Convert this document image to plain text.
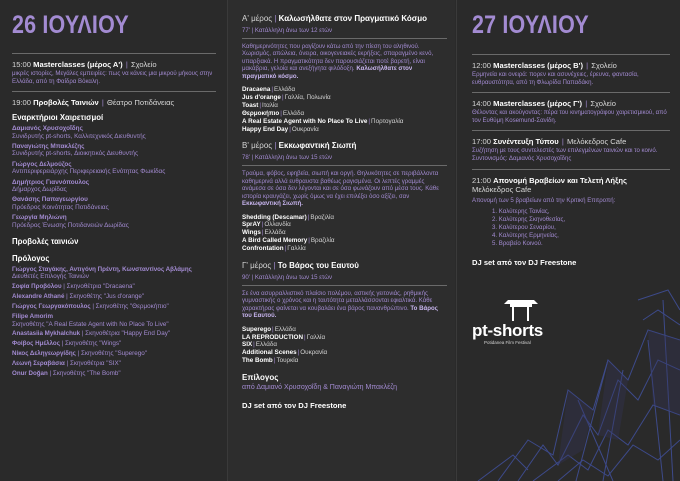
26 ΙΟΥΛΙΟΥ
15:00 Masterclasses (μέρος Α') | Σχολείο
μικρές ιστορίες, Μεγάλες εμπειρίες: πως να κάνεις μια μικρού μήκους στην Ελλάδα, από τη Φαίδρα Βόκαλη.
19:00 Προβολές Ταινιών | Θέατρο Ποτιδάνειας
Εναρκτήριοι Χαιρετισμοί
Δαμιανός Χρυσοχοΐδης
Συνιδρυτής pt-shorts, Καλλιτεχνικός Διευθυντής
Παναγιώτης Μπακλέζης
Συνιδρυτής pt-shorts, Διοικητικός Διευθυντής
Γιώργος Δελμούζος
Αντιπεριφερειάρχης Περιφερειακής Ενότητας Φωκίδας
Δημήτριος Γιαννόπουλος
Δήμαρχος Δωρίδας
Θανάσης Παπαγεωργίου
Πρόεδρος Κοινότητας Ποτιδάνειας
Γεωργία Μηλιώνη
Πρόεδρος Ένωσης Ποτιδανειών Δωρίδας
Προβολές ταινιών
Πρόλογος
Γιώργος Σταγάκης, Αντιγόνη Πρέντη, Κωνσταντίνος Αβλάμης
Διευθετές Επιλογής Ταινιών
Σοφία Προβόλου | Σκηνοθέτρια "Dracaena"
Alexandre Athané | Σκηνοθέτης "Jus d'orange"
Γιώργος Γεωργακόπουλος | Σκηνοθέτης "Θερμοκήπιο"
Filipe Amorim
Σκηνοθέτης "A Real Estate Agent with No Place To Live"
Anastasiia Mykhalchuk | Σκηνοθέτρια "Happy End Day"
Φοίβος Ημέλλος | Σκηνοθέτης "Wings"
Νίκος Δεληγεωργίδης | Σκηνοθέτης "Superego"
Λεωνή Σεραβάσια | Σκηνοθέτρια "SIX"
Onur Doğan | Σκηνοθέτης "The Bomb"
Α' μέρος | Καλωσήλθατε στον Πραγματικό Κόσμο
77' | Κατάλληλη άνω των 12 ετών
Καθημερινότητες που ραγίζουν κάτω από την πίεση του αληθινού. Χωρισμός, απώλεια, όνειρα, οικογενειακές εκρήξεις, σπαραγμένο κενό, υπαρξιακά. Η πραγματικότητα δεν παρουσιάζεται ποτέ βαρετή, είναι μακάβρια, γελοία και ανεξήγητα φιλόδοξη. Καλωσήλθατε στον πραγματικό κόσμο.
Dracaena|Ελλάδα
Jus d'orange|Γαλλία, Πολωνία
Toast|Ιταλία
Θερμοκήπιο|Ελλάδα
A Real Estate Agent with No Place To Live|Πορτογαλία
Happy End Day|Ουκρανία
Β' μέρος | Εκκωφαντική Σιωπή
78' | Κατάλληλη άνω των 15 ετών
Τραύμα, φόβος, εφηβεία, σιωπή και οργή. Θηλυκότητες σε περιβάλλοντα καθημερινά αλλά ευθραυστα βαθέως ραγισμένα. Οι λεπτές γραμμές ανάμεσα σε όσα δεν λέγονται και σε όσα φωνάζουν από μέσα τους. Κάθε ιστορία κραυγάζει, χωρίς όμως να έχει επιλέξει όσο αξίζει, σαν Εκκωφαντική Σιωπή.
Shedding (Descamar)|Βραζιλία
SprAY|Ολλανδία
Wings|Ελλάδα
A Bird Called Memory|Βραζιλία
Confrontation|Γαλλία
Γ' μέρος | Το Βάρος του Εαυτού
90' | Κατάλληλη άνω των 15 ετών
Σε ένα ασυρραλλιστικό πλαίσιο πολέμου, αστικής γειτονιάς, ρηθμικής γυμναστικής ο χρόνος και η ταυτότητα μεταλλάσσονται εφιαλτικά. Κάθε χαρακτήρας φαίνεται να κουβαλάει ένα βάρος πανανθρώπινο. Το Βάρος του Εαυτού.
Superego|Ελλάδα
LA REPRODUCTION|Γαλλία
SIX|Ελλάδα
Additional Scenes|Ουκρανία
The Bomb|Τουρκία
Επίλογος
από Δαμιανό Χρυσοχοΐδη & Παναγιώτη Μπακλέζη
DJ set από τον DJ Freestone
27 ΙΟΥΛΙΟΥ
12:00 Masterclasses (μέρος Β') | Σχολείο
Ερμηνεία και ονειρά: πορεν και ασυνέχειες, έρευνα, φαντασία, ευθραυστότητα, από τη Φλωρίδα Παπαδάκη.
14:00 Masterclasses (μέρος Γ') | Σχολείο
Θέλοντας και ακούγοντας: πέρα του κινηματογράφου χαιρετισμικού, από τον Ευθύμη Kosemund-Σανίδη.
17:00 Συνέντευξη Τύπου | Μελόκεδρος Cafe
Συζήτηση με τους συντελεστές των επιλεγμένων ταινιών και το κοινό. Συντονισμός: Δαμιανός Χρυσοχοΐδης
21:00 Απονομή Βραβείων και Τελετή Λήξης
Μελόκεδρος Cafe
Απονομή των 5 βραβείων από την Κριτική Επιτροπή:
1. Καλύτερης Ταινίας,
2. Καλύτερης Σκηνοθεσίας,
3. Καλύτερου Σεναρίου,
4. Καλύτερης Ερμηνείας,
5. Βραβείο Κοινού.
DJ set από τον DJ Freestone
pt-shorts
Potidanea Film Festival
